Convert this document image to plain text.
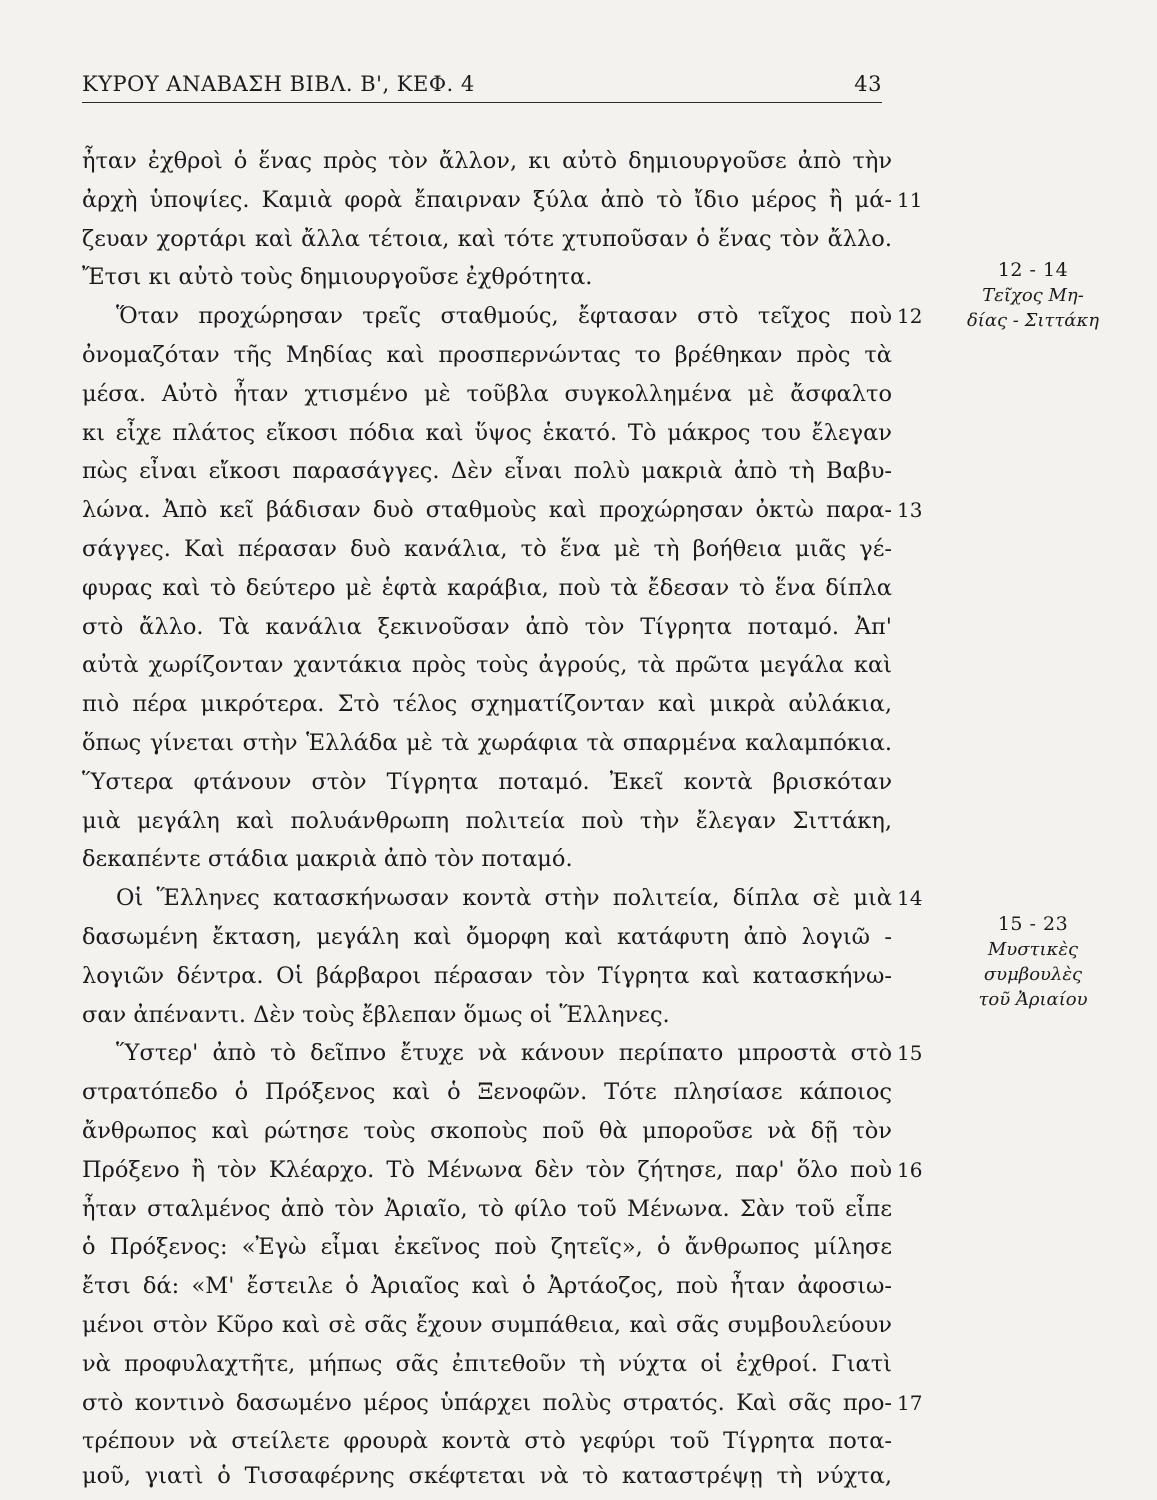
ΚΥΡΟΥ ΑΝΑΒΑΣΗ ΒΙΒΛ. Β', ΚΕΦ. 4	43
ἦταν ἐχθροὶ ὁ ἕνας πρὸς τὸν ἄλλον, κι αὐτὸ δημιουργοῦσε ἀπὸ τὴν
ἀρχὴ ὑποψίες. Καμιὰ φορὰ ἔπαιρναν ξύλα ἀπὸ τὸ ἴδιο μέρος ἢ μά-
ζευαν χορτάρι καὶ ἄλλα τέτοια, καὶ τότε χτυποῦσαν ὁ ἕνας τὸν ἄλλο.
Ἔτσι κι αὐτὸ τοὺς δημιουργοῦσε ἐχθρότητα.
Ὅταν προχώρησαν τρεῖς σταθμούς, ἔφτασαν στὸ τεῖχος ποὺ
ὀνομαζόταν τῆς Μηδίας καὶ προσπερνώντας το βρέθηκαν πρὸς τὰ
μέσα. Αὐτὸ ἦταν χτισμένο μὲ τοῦβλα συγκολλημένα μὲ ἄσφαλτο
κι εἶχε πλάτος εἴκοσι πόδια καὶ ὕψος ἑκατό. Τὸ μάκρος του ἔλεγαν
πὼς εἶναι εἴκοσι παρασάγγες. Δὲν εἶναι πολὺ μακριὰ ἀπὸ τὴ Βαβυ-
λώνα. Ἀπὸ κεῖ βάδισαν δυὸ σταθμοὺς καὶ προχώρησαν ὀκτὼ παρα-
σάγγες. Καὶ πέρασαν δυὸ κανάλια, τὸ ἕνα μὲ τὴ βοήθεια μιᾶς γέ-
φυρας καὶ τὸ δεύτερο μὲ ἑφτὰ καράβια, ποὺ τὰ ἔδεσαν τὸ ἕνα δίπλα
στὸ ἄλλο. Τὰ κανάλια ξεκινοῦσαν ἀπὸ τὸν Τίγρητα ποταμό. Ἀπ'
αὐτὰ χωρίζονταν χαντάκια πρὸς τοὺς ἀγρούς, τὰ πρῶτα μεγάλα καὶ
πιὸ πέρα μικρότερα. Στὸ τέλος σχηματίζονταν καὶ μικρὰ αὐλάκια,
ὅπως γίνεται στὴν Ἑλλάδα μὲ τὰ χωράφια τὰ σπαρμένα καλαμπόκια.
Ὕστερα φτάνουν στὸν Τίγρητα ποταμό. Ἐκεῖ κοντὰ βρισκόταν
μιὰ μεγάλη καὶ πολυάνθρωπη πολιτεία ποὺ τὴν ἔλεγαν Σιττάκη,
δεκαπέντε στάδια μακριὰ ἀπὸ τὸν ποταμό.
Οἱ Ἕλληνες κατασκήνωσαν κοντὰ στὴν πολιτεία, δίπλα σὲ μιὰ
δασωμένη ἔκταση, μεγάλη καὶ ὄμορφη καὶ κατάφυτη ἀπὸ λογιῶ -
λογιῶν δέντρα. Οἱ βάρβαροι πέρασαν τὸν Τίγρητα καὶ κατασκήνω-
σαν ἀπέναντι. Δὲν τοὺς ἔβλεπαν ὅμως οἱ Ἕλληνες.
Ὕστερ' ἀπὸ τὸ δεῖπνο ἔτυχε νὰ κάνουν περίπατο μπροστὰ στὸ
στρατόπεδο ὁ Πρόξενος καὶ ὁ Ξενοφῶν. Τότε πλησίασε κάποιος
ἄνθρωπος καὶ ρώτησε τοὺς σκοποὺς ποῦ θὰ μποροῦσε νὰ δῇ τὸν
Πρόξενο ἢ τὸν Κλέαρχο. Τὸ Μένωνα δὲν τὸν ζήτησε, παρ' ὅλο ποὺ
ἦταν σταλμένος ἀπὸ τὸν Ἀριαῖο, τὸ φίλο τοῦ Μένωνα. Σὰν τοῦ εἶπε
ὁ Πρόξενος: «Ἐγὼ εἶμαι ἐκεῖνος ποὺ ζητεῖς», ὁ ἄνθρωπος μίλησε
ἔτσι δά: «Μ' ἔστειλε ὁ Ἀριαῖος καὶ ὁ Ἀρτάοζος, ποὺ ἦταν ἀφοσιω-
μένοι στὸν Κῦρο καὶ σὲ σᾶς ἔχουν συμπάθεια, καὶ σᾶς συμβουλεύουν
νὰ προφυλαχτῆτε, μήπως σᾶς ἐπιτεθοῦν τὴ νύχτα οἱ ἐχθροί. Γιατὶ
στὸ κοντινὸ δασωμένο μέρος ὑπάρχει πολὺς στρατός. Καὶ σᾶς προ-
τρέπουν νὰ στείλετε φρουρὰ κοντὰ στὸ γεφύρι τοῦ Τίγρητα ποτα-
μοῦ, γιατὶ ὁ Τισσαφέρνης σκέφτεται νὰ τὸ καταστρέψῃ τὴ νύχτα,
11
12
13
14
15
16
17
12 - 14
Τεῖχος Μη-
δίας - Σιττάκη
15 - 23
Μυστικὲς
συμβουλὲς
τοῦ Ἀριαίου
